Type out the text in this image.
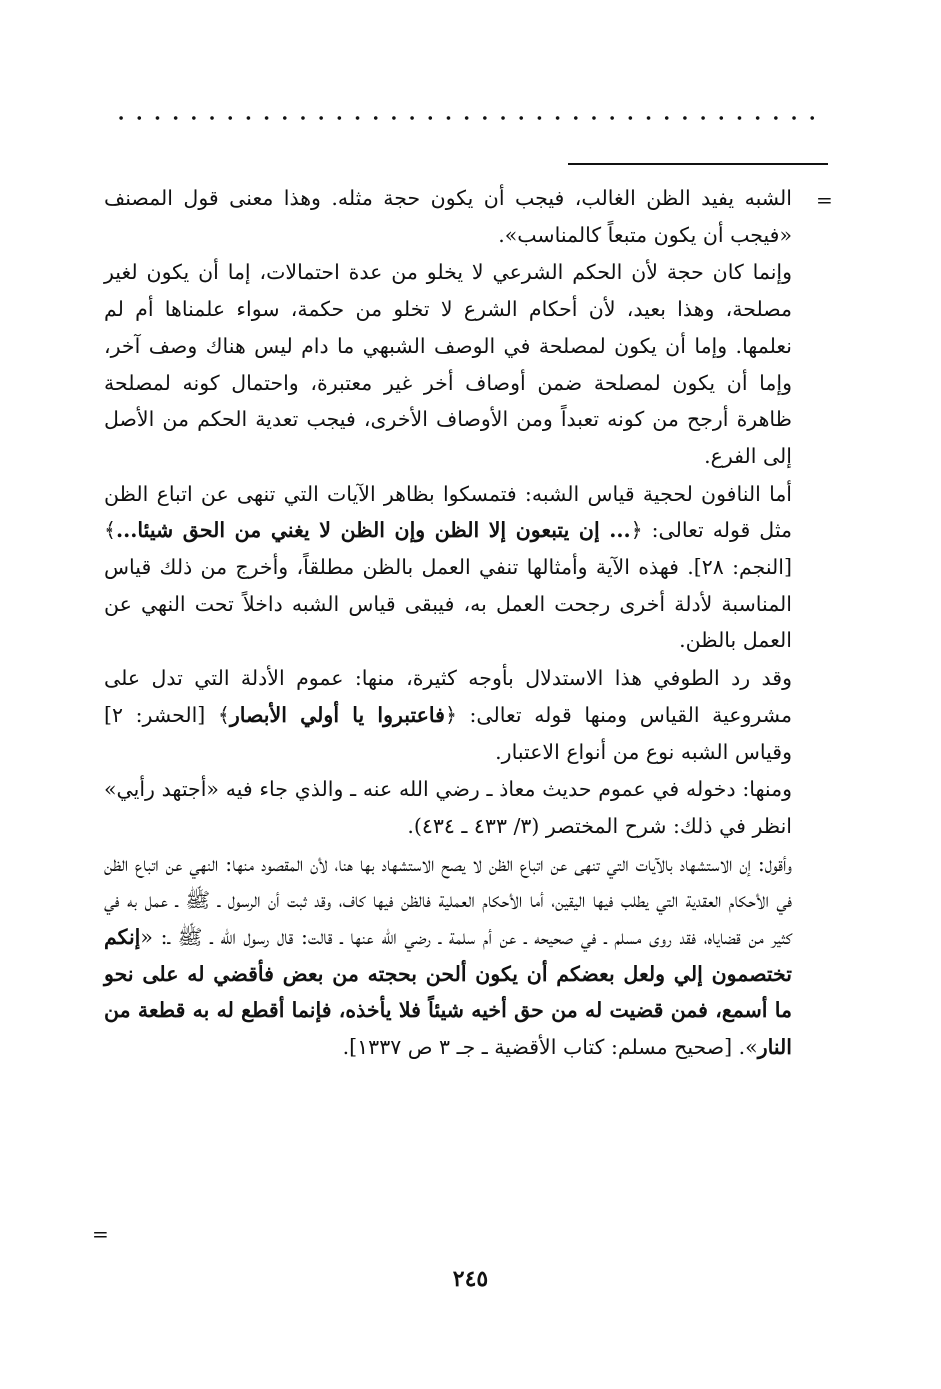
=

الشبه يفيد الظن الغالب، فيجب أن يكون حجة مثله. وهذا معنى قول المصنف «فيجب أن يكون متبعاً كالمناسب».

وإنما كان حجة لأن الحكم الشرعي لا يخلو من عدة احتمالات، إما أن يكون لغير مصلحة، وهذا بعيد، لأن أحكام الشرع لا تخلو من حكمة، سواء علمناها أم لم نعلمها. وإما أن يكون لمصلحة في الوصف الشبهي ما دام ليس هناك وصف آخر، وإما أن يكون لمصلحة ضمن أوصاف أخر غير معتبرة، واحتمال كونه لمصلحة ظاهرة أرجح من كونه تعبداً ومن الأوصاف الأخرى، فيجب تعدية الحكم من الأصل إلى الفرع.

أما النافون لحجية قياس الشبه: فتمسكوا بظاهر الآيات التي تنهى عن اتباع الظن مثل قوله تعالى: ﴿... إن يتبعون إلا الظن وإن الظن لا يغني من الحق شيئا...﴾ [النجم: ٢٨]. فهذه الآية وأمثالها تنفي العمل بالظن مطلقاً، وأخرج من ذلك قياس المناسبة لأدلة أخرى رجحت العمل به، فيبقى قياس الشبه داخلاً تحت النهي عن العمل بالظن.

وقد رد الطوفي هذا الاستدلال بأوجه كثيرة، منها: عموم الأدلة التي تدل على مشروعية القياس ومنها قوله تعالى: ﴿فاعتبروا يا أولي الأبصار﴾ [الحشر: ٢] وقياس الشبه نوع من أنواع الاعتبار.

ومنها: دخوله في عموم حديث معاذ ـ رضي الله عنه ـ والذي جاء فيه «أجتهد رأيي» انظر في ذلك: شرح المختصر (٣/ ٤٣٣ ـ ٤٣٤).

وأقول: إن الاستشهاد بالآيات التي تنهى عن اتباع الظن لا يصح الاستشهاد بها هنا، لأن المقصود منها: النهي عن اتباع الظن في الأحكام العقدية التي يطلب فيها اليقين، أما الأحكام العملية فالظن فيها كاف، وقد ثبت أن الرسول ـ ﷺ ـ عمل به في كثير من قضاياه، فقد روى مسلم ـ في صحيحه ـ عن أم سلمة ـ رضي الله عنها ـ قالت: قال رسول الله ـ ﷺ ـ: «إنكم تختصمون إلي ولعل بعضكم أن يكون ألحن بحجته من بعض فأقضي له على نحو ما أسمع، فمن قضيت له من حق أخيه شيئاً فلا يأخذه، فإنما أقطع له به قطعة من النار». [صحيح مسلم: كتاب الأقضية ـ جـ ٣ ص ١٣٣٧].

=
٢٤٥
